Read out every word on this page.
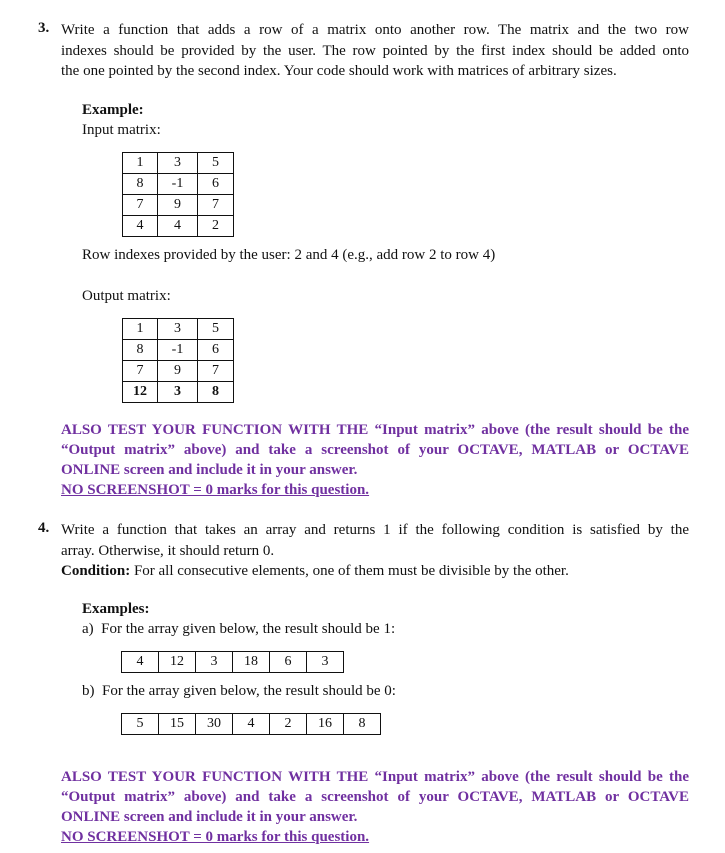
3. Write a function that adds a row of a matrix onto another row. The matrix and the two row
indexes should be provided by the user. The row pointed by the first index should be added onto
the one pointed by the second index. Your code should work with matrices of arbitrary sizes.
Example:
Input matrix:
1	3	5
8	-1	6
7	9	7
4	4	2
Row indexes provided by the user: 2 and 4 (e.g., add row 2 to row 4)
Output matrix:
1	3	5
8	-1	6
7	9	7
12	3	8
ALSO TEST YOUR FUNCTION WITH THE “Input matrix” above (the result should be the
“Output matrix” above) and take a screenshot of your OCTAVE, MATLAB or OCTAVE
ONLINE screen and include it in your answer.
NO SCREENSHOT = 0 marks for this question.
4. Write a function that takes an array and returns 1 if the following condition is satisfied by the
array. Otherwise, it should return 0.
Condition: For all consecutive elements, one of them must be divisible by the other.
Examples:
a) For the array given below, the result should be 1:
4	12	3	18	6	3
b) For the array given below, the result should be 0:
5	15	30	4	2	16	8
ALSO TEST YOUR FUNCTION WITH THE “Input matrix” above (the result should be the
“Output matrix” above) and take a screenshot of your OCTAVE, MATLAB or OCTAVE
ONLINE screen and include it in your answer.
NO SCREENSHOT = 0 marks for this question.
